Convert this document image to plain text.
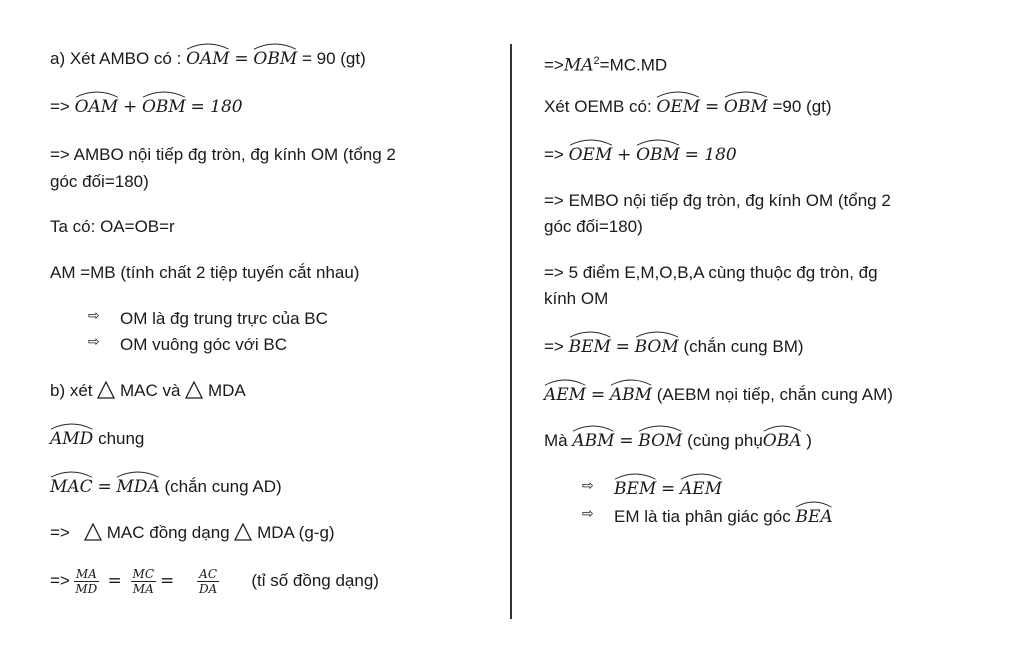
a) Xét AMBO có : OAM = OBM = 90 (gt)
=> OAM + OBM = 180
=> AMBO nội tiếp đg tròn, đg kính OM (tổng 2
góc đối=180)
Ta có: OA=OB=r
AM =MB (tính chất 2 tiệp tuyến cắt nhau)
⇨ OM là đg trung trực của BC
⇨ OM vuông góc với BC
b) xét MAC và MDA
AMD chung
MAC = MDA (chắn cung AD)
=> MAC đồng dạng MDA (g-g)
=> $\frac{MA}{MD} = \frac{MC}{MA} = \frac{AC}{DA}$ (tỉ số đồng dạng)
$=>MA^2=MC.MD$
Xét OEMB có: OEM = OBM =90 (gt)
=> OEM + OBM = 180
=> EMBO nội tiếp đg tròn, đg kính OM (tổng 2
góc đối=180)
=> 5 điểm E,M,O,B,A cùng thuộc đg tròn, đg
kính OM
=> BEM = BOM (chắn cung BM)
AEM = ABM (AEBM nọi tiếp, chắn cung AM)
Mà ABM = BOM (cùng phụ
OBA )
⇨ BEM = AEM
⇨ EM là tia phân giác góc BEA
